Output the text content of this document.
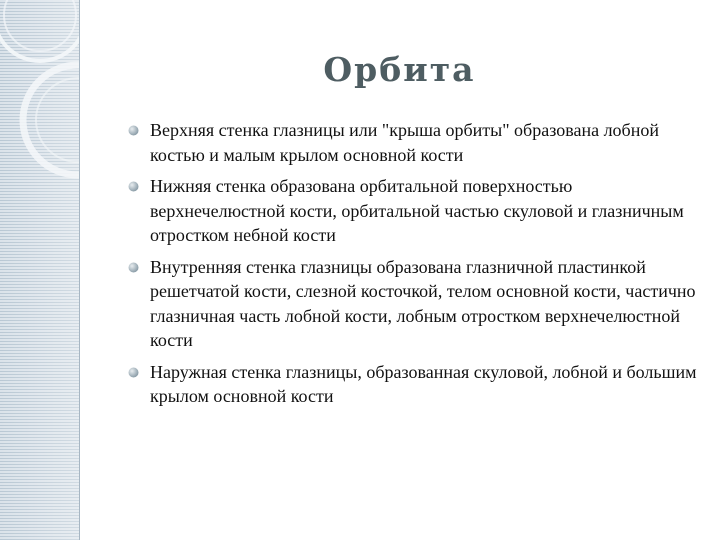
Орбита
Верхняя стенка глазницы или "крыша орбиты" образована лобной костью и малым крылом основной кости
Нижняя стенка образована орбитальной поверхностью верхнечелюстной кости, орбитальной частью скуловой и глазничным отростком небной кости
Внутренняя стенка глазницы образована глазничной пластинкой решетчатой кости, слезной косточкой, телом основной кости, частично глазничная часть лобной кости, лобным отростком верхнечелюстной кости
Наружная стенка глазницы, образованная скуловой, лобной и большим крылом основной кости
